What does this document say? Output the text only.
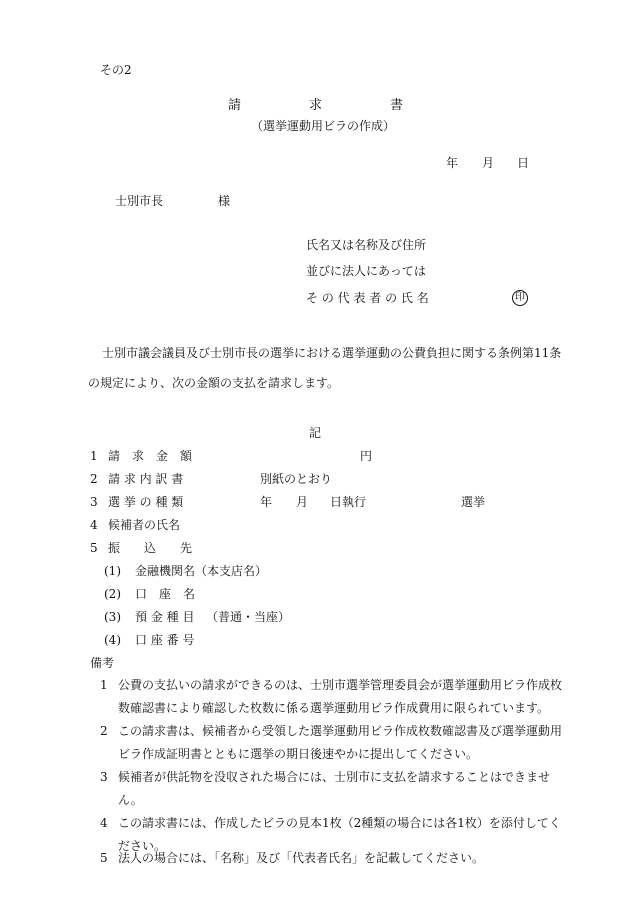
その2
請	求	書
（選挙運動用ビラの作成）
年 月 日
士別市長	様
氏名又は名称及び住所
並びに法人にあっては
そ の 代 表 者 の 氏 名	印
士別市議会議員及び士別市長の選挙における選挙運動の公費負担に関する条例第11条の規定により、次の金額の支払を請求します。
記
1 請　求　金　額	円
2 請 求 内 訳 書	別紙のとおり
3 選 挙 の 種 類	年 月 日執行	選挙
4 候補者の氏名
5 振　　込　　先
(1) 金融機関名（本支店名）
(2) 口　座　名
(3) 預 金 種 目 （普通・当座）
(4) 口 座 番 号
備考
1 公費の支払いの請求ができるのは、士別市選挙管理委員会が選挙運動用ビラ作成枚数確認書により確認した枚数に係る選挙運動用ビラ作成費用に限られています。
2 この請求書は、候補者から受領した選挙運動用ビラ作成枚数確認書及び選挙運動用ビラ作成証明書とともに選挙の期日後速やかに提出してください。
3 候補者が供託物を没収された場合には、士別市に支払を請求することはできません。
4 この請求書には、作成したビラの見本1枚（2種類の場合には各1枚）を添付してください。
5 法人の場合には、「名称」及び「代表者氏名」を記載してください。
